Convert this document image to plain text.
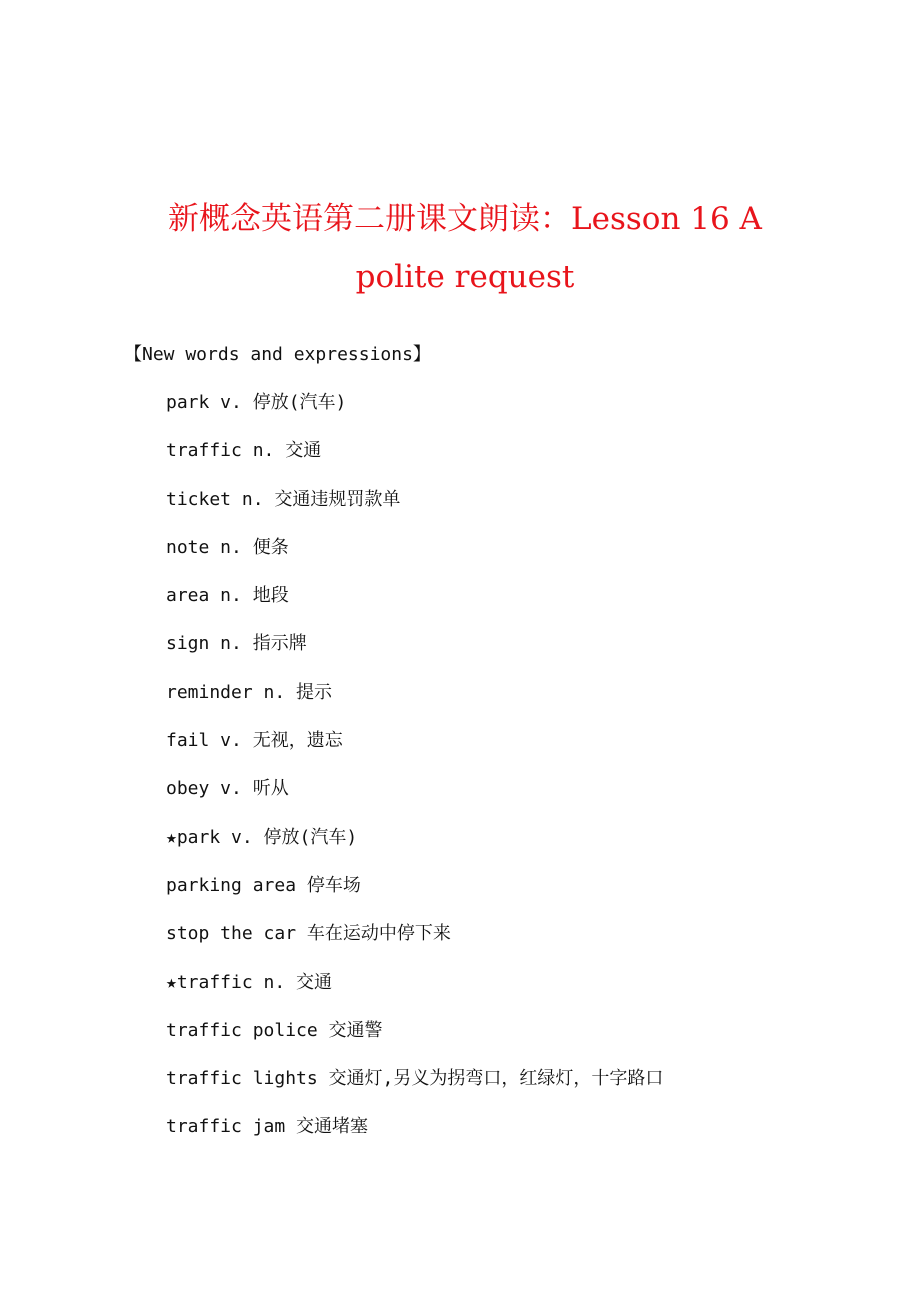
新概念英语第二册课文朗读：Lesson 16 A
polite request
【New words and expressions】
park v. 停放(汽车)
traffic n. 交通
ticket n. 交通违规罚款单
note n. 便条
area n. 地段
sign n. 指示牌
reminder n. 提示
fail v. 无视，遗忘
obey v. 听从
★park v. 停放(汽车)
parking area 停车场
stop the car 车在运动中停下来
★traffic n. 交通
traffic police 交通警
traffic lights 交通灯,另义为拐弯口，红绿灯，十字路口
traffic jam 交通堵塞
